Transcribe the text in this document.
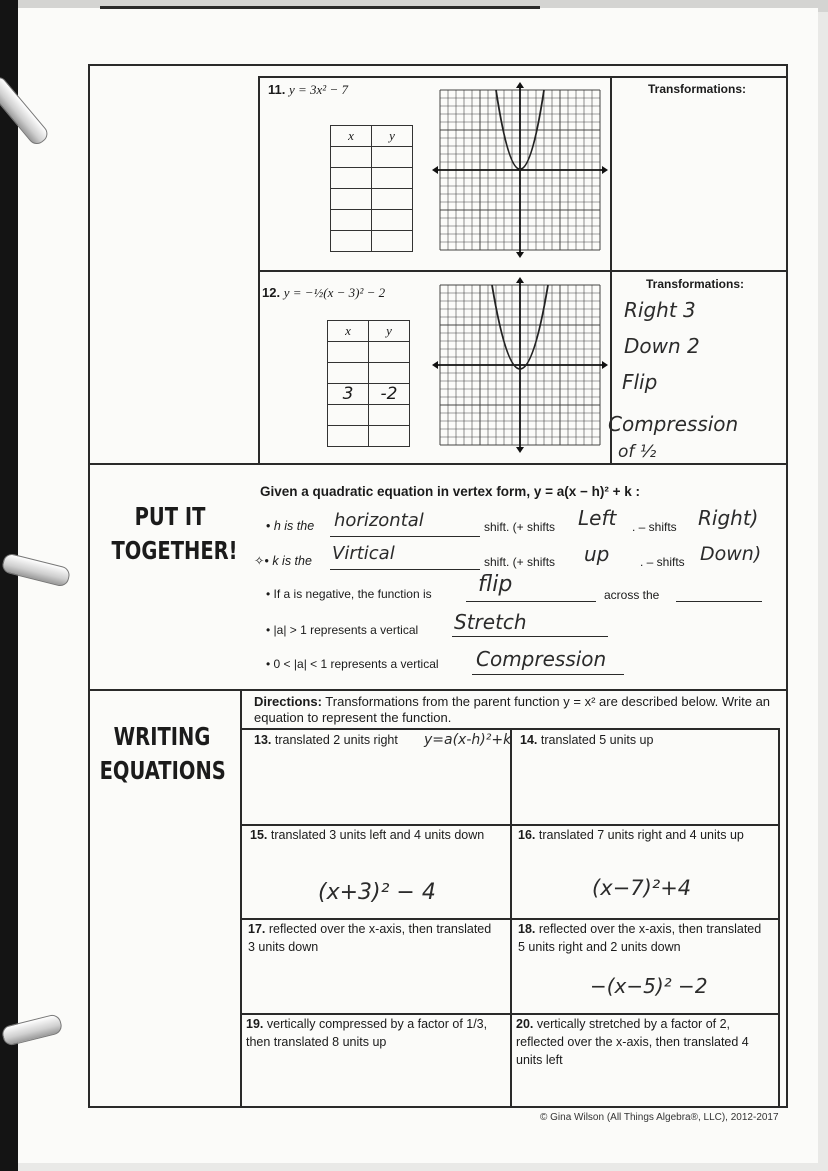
11. y = 3x² − 7	Transformations:
x	y

12. y = −½(x − 3)² − 2
Transformations:
x	y

3	-2

Right 3
Down 2
Flip
Compression
of ½
PUT IT
TOGETHER!
Given a quadratic equation in vertex form, y = a(x − h)² + k :
• h is the horizontal	shift. (+ shifts Left . – shifts Right)
✧• k is the Virtical	shift. (+ shifts up	. – shifts Down)
• If a is negative, the function is flip	across the
• |a| > 1 represents a vertical Stretch
• 0 < |a| < 1 represents a vertical Compression
WRITING
EQUATIONS
Directions: Transformations from the parent function y = x² are described below. Write an equation to represent the function.
13. translated 2 units right y=a(x-h)²+k 14. translated 5 units up
15. translated 3 units left and 4 units down
(x+3)² − 4
16. translated 7 units right and 4 units up
(x−7)²+4
17. reflected over the x-axis, then translated 3 units down
18. reflected over the x-axis, then translated 5 units right and 2 units down
−(x−5)² −2
19. vertically compressed by a factor of 1/3, then translated 8 units up
20. vertically stretched by a factor of 2, reflected over the x-axis, then translated 4 units left
© Gina Wilson (All Things Algebra®, LLC), 2012-2017
